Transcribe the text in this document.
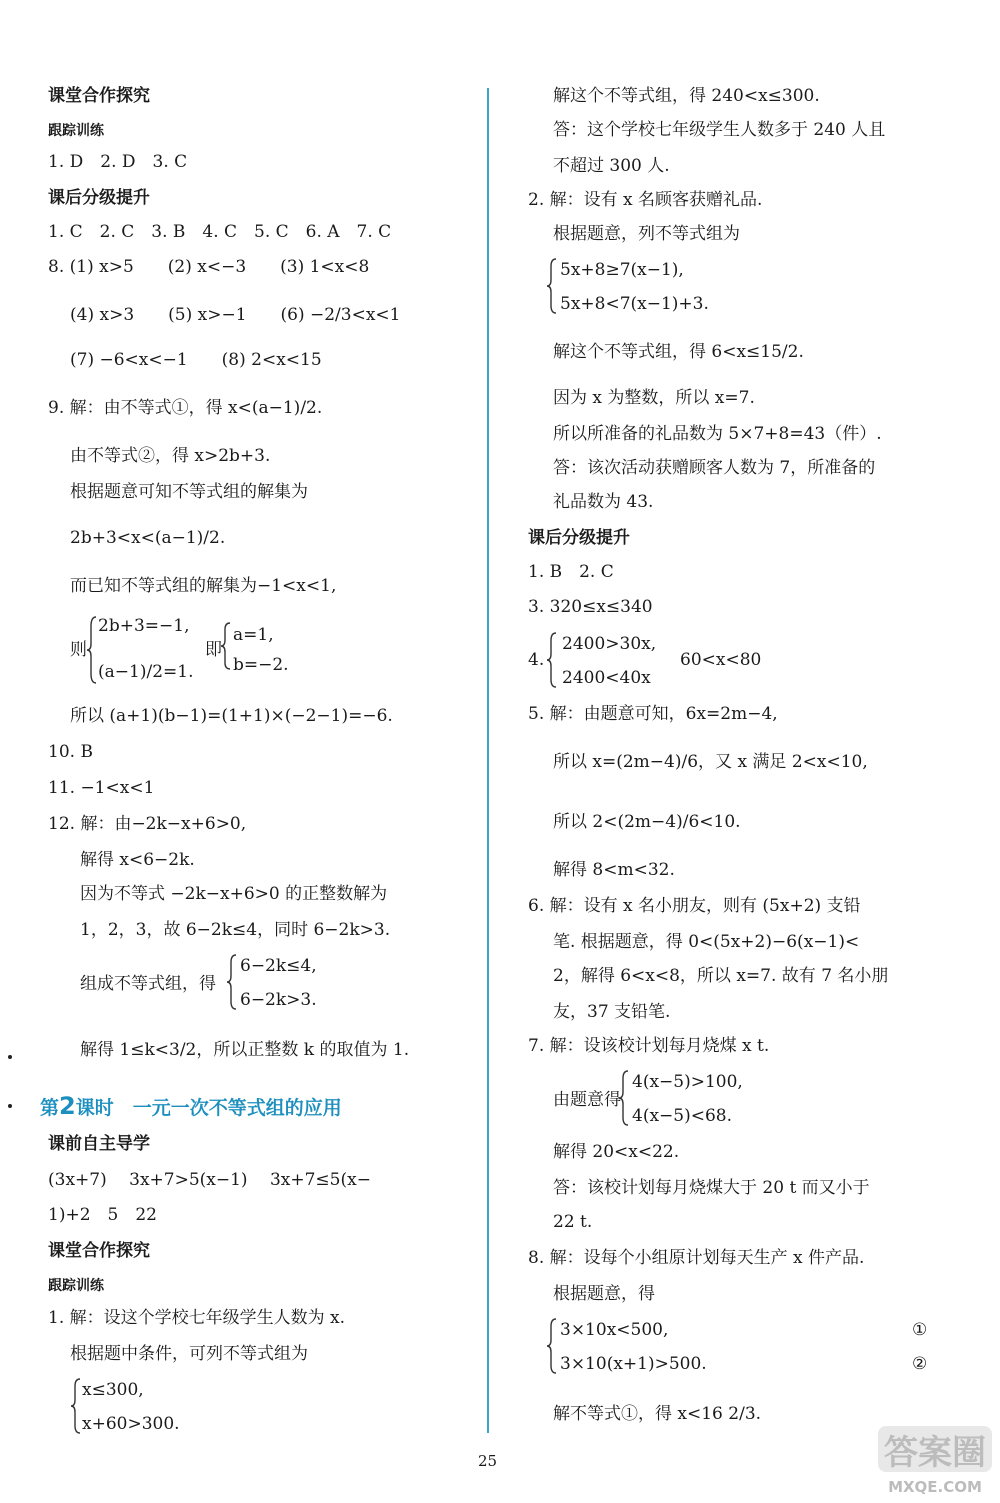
课堂合作探究
跟踪训练
1. D　2. D　3. C
课后分级提升
1. C　2. C　3. B　4. C　5. C　6. A　7. C
8. (1) x>5　　(2) x<−3　　(3) 1<x<8
(4) x>3　　(5) x>−1　　(6) −2/3<x<1
(7) −6<x<−1　　(8) 2<x<15
9. 解：由不等式①，得 x<(a−1)/2.
由不等式②，得 x>2b+3.
根据题意可知不等式组的解集为
2b+3<x<(a−1)/2.
而已知不等式组的解集为−1<x<1,
2b+3=−1,
则	即
a=1,
(a−1)/2=1. b=−2.
所以 (a+1)(b−1)=(1+1)×(−2−1)=−6.
10. B
11. −1<x<1
12. 解：由−2k−x+6>0,
解得 x<6−2k.
因为不等式 −2k−x+6>0 的正整数解为
1，2，3，故 6−2k≤4，同时 6−2k>3.
6−2k≤4,
组成不等式组，得
6−2k>3.
解得 1≤k<3/2，所以正整数 k 的取值为 1.
课前自主导学
(3x+7)　 3x+7>5(x−1)　 3x+7≤5(x−
1)+2　5　22
课堂合作探究
跟踪训练
1. 解：设这个学校七年级学生人数为 x.
根据题中条件，可列不等式组为
x≤300,
x+60>300.
解这个不等式组，得 240<x≤300.
答：这个学校七年级学生人数多于 240 人且
不超过 300 人.
2. 解：设有 x 名顾客获赠礼品.
根据题意，列不等式组为
5x+8≥7(x−1),
5x+8<7(x−1)+3.
解这个不等式组，得 6<x≤15/2.
因为 x 为整数，所以 x=7.
所以所准备的礼品数为 5×7+8=43（件）.
答：该次活动获赠顾客人数为 7，所准备的
礼品数为 43.
课后分级提升
1. B　2. C
3. 320≤x≤340
2400>30x,
4.	60<x<80
2400<40x
5. 解：由题意可知，6x=2m−4,
所以 x=(2m−4)/6，又 x 满足 2<x<10,
所以 2<(2m−4)/6<10.
解得 8<m<32.
6. 解：设有 x 名小朋友，则有 (5x+2) 支铅
笔. 根据题意，得 0<(5x+2)−6(x−1)<
2，解得 6<x<8，所以 x=7. 故有 7 名小朋
友，37 支铅笔.
7. 解：设该校计划每月烧煤 x t.
4(x−5)>100,
由题意得
4(x−5)<68.
解得 20<x<22.
答：该校计划每月烧煤大于 20 t 而又小于
22 t.
8. 解：设每个小组原计划每天生产 x 件产品.
根据题意，得
3×10x<500,	①
3×10(x+1)>500.	②
解不等式①，得 x<16 2/3.
第2课时　一元一次不等式组的应用
25	答案圈
MXQE.COM
